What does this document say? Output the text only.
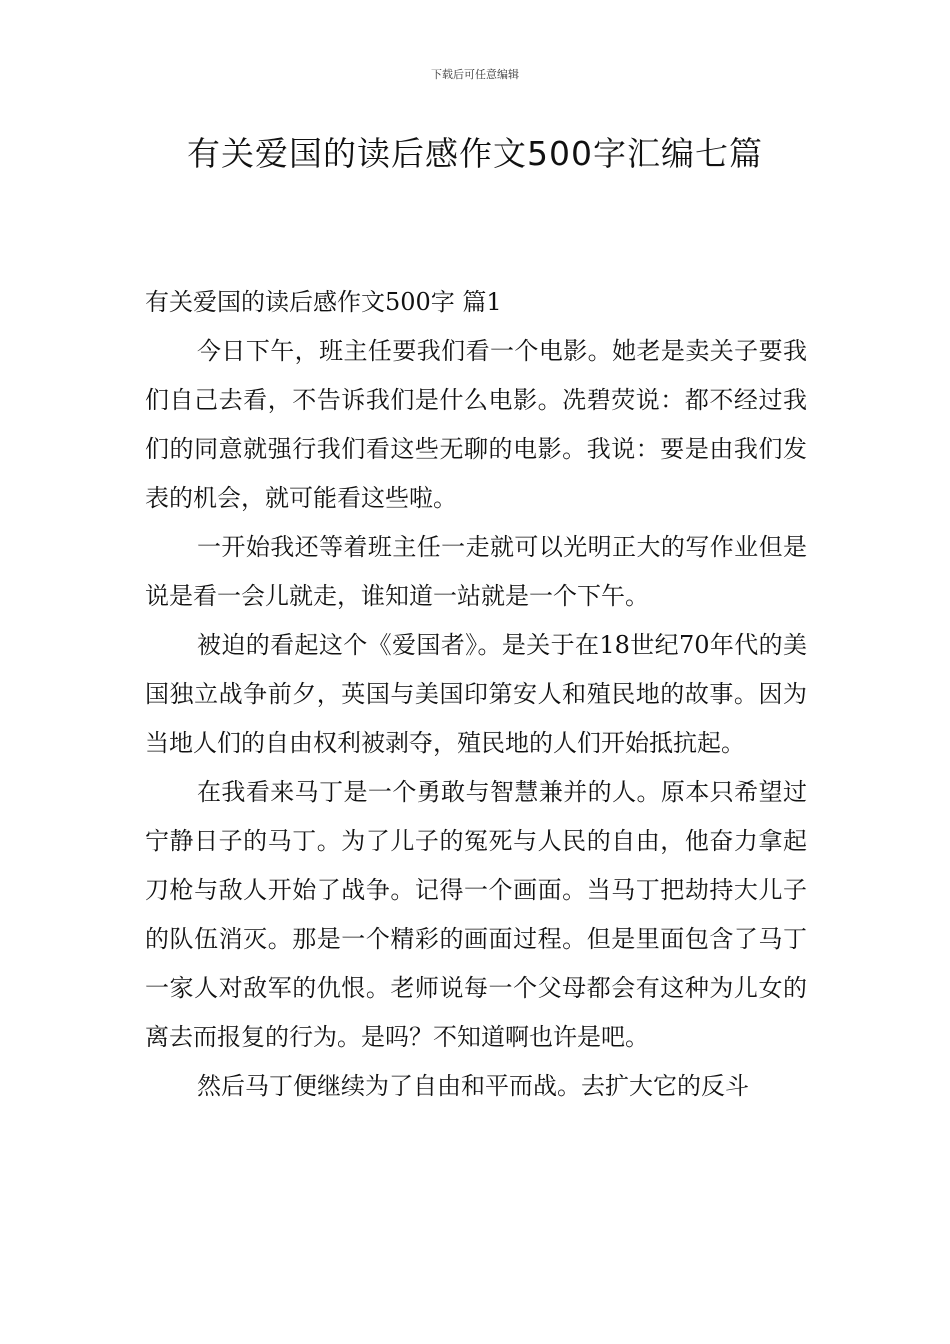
下载后可任意编辑
有关爱国的读后感作文500字汇编七篇
有关爱国的读后感作文500字 篇1

今日下午，班主任要我们看一个电影。她老是卖关子要我们自己去看，不告诉我们是什么电影。冼碧荧说：都不经过我们的同意就强行我们看这些无聊的电影。我说：要是由我们发表的机会，就可能看这些啦。

一开始我还等着班主任一走就可以光明正大的写作业但是说是看一会儿就走，谁知道一站就是一个下午。

被迫的看起这个《爱国者》。是关于在18世纪70年代的美国独立战争前夕，英国与美国印第安人和殖民地的故事。因为当地人们的自由权利被剥夺，殖民地的人们开始抵抗起。

在我看来马丁是一个勇敢与智慧兼并的人。原本只希望过宁静日子的马丁。为了儿子的冤死与人民的自由，他奋力拿起刀枪与敌人开始了战争。记得一个画面。当马丁把劫持大儿子的队伍消灭。那是一个精彩的画面过程。但是里面包含了马丁一家人对敌军的仇恨。老师说每一个父母都会有这种为儿女的离去而报复的行为。是吗？不知道啊也许是吧。

然后马丁便继续为了自由和平而战。去扩大它的反斗
